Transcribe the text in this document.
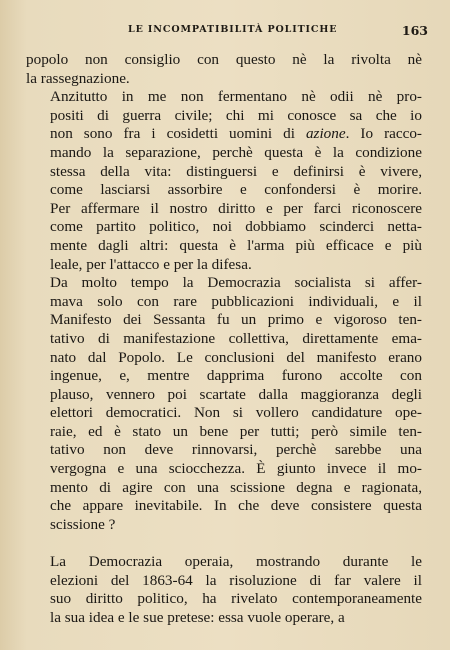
LE INCOMPATIBILITÀ POLITICHE	163
popolo non consiglio con questo nè la rivolta nè
la rassegnazione.
Anzitutto in me non fermentano nè odii nè pro-
positi di guerra civile; chi mi conosce sa che io
non sono fra i cosidetti uomini di azione. Io racco-
mando la separazione, perchè questa è la condizione
stessa della vita: distinguersi e definirsi è vivere,
come lasciarsi assorbire e confondersi è morire.
Per affermare il nostro diritto e per farci riconoscere
come partito politico, noi dobbiamo scinderci netta-
mente dagli altri: questa è l'arma più efficace e più
leale, per l'attacco e per la difesa.
Da molto tempo la Democrazia socialista si affer-
mava solo con rare pubblicazioni individuali, e il
Manifesto dei Sessanta fu un primo e vigoroso ten-
tativo di manifestazione collettiva, direttamente ema-
nato dal Popolo. Le conclusioni del manifesto erano
ingenue, e, mentre dapprima furono accolte con
plauso, vennero poi scartate dalla maggioranza degli
elettori democratici. Non si vollero candidature ope-
raie, ed è stato un bene per tutti; però simile ten-
tativo non deve rinnovarsi, perchè sarebbe una
vergogna e una sciocchezza. È giunto invece il mo-
mento di agire con una scissione degna e ragionata,
che appare inevitabile. In che deve consistere questa
scissione ?
La Democrazia operaia, mostrando durante le
elezioni del 1863-64 la risoluzione di far valere il
suo diritto politico, ha rivelato contemporaneamente
la sua idea e le sue pretese: essa vuole operare, a
